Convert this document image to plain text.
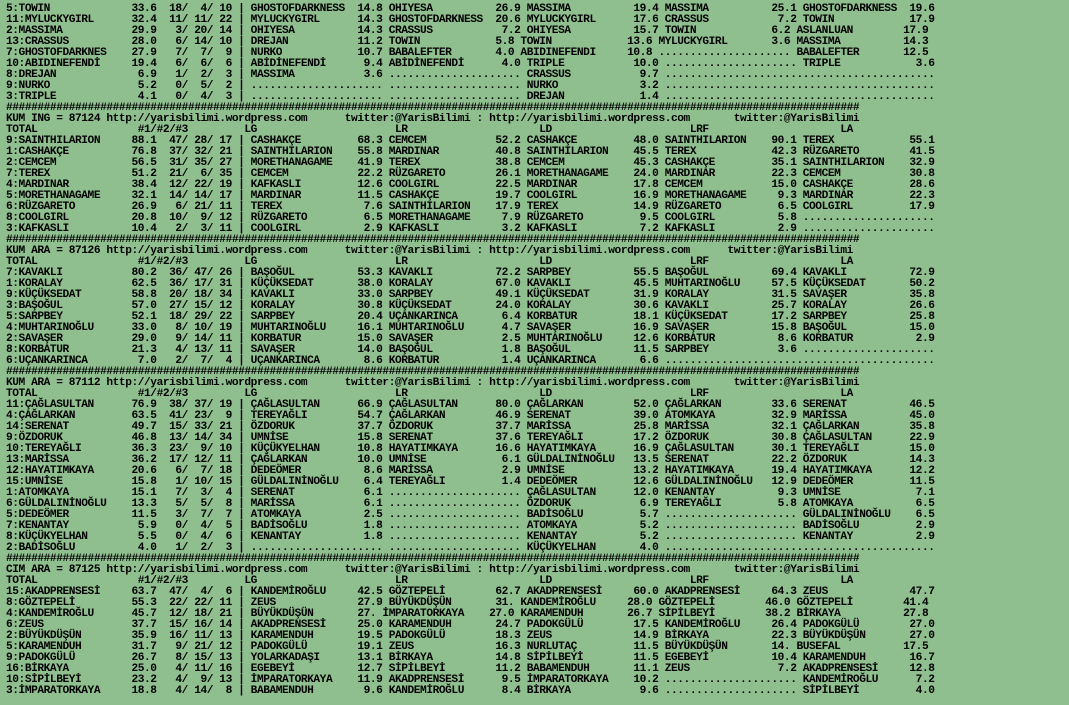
5:TOWIN             33.6  18/  4/ 10 | GHOSTOFDARKNESS  14.8 OHIYESA          26.9 MASSIMA          19.4 MASSIMA          25.1 GHOSTOFDARKNESS  19.6
11:MYLUCKYGIRL      32.4  11/ 11/ 22 | MYLUCKYGIRL      14.3 GHOSTOFDARKNESS  20.6 MYLUCKYGIRL      17.6 CRASSUS           7.2 TOWIN            17.9
2:MASSIMA           29.9   3/ 20/ 14 | OHIYESA          14.3 CRASSUS           7.2 OHIYESA          15.7 TOWIN            6.2 ASLANLUAN        17.9
13:CRASSUS          28.0   6/ 14/ 10 | DREJAN           11.2 TOWIN            5.8 TOWIN            13.6 MYLUCKYGIRL       3.6 MASSIMA          14.3
7:GHOSTOFDARKNES    27.9   7/  7/  9 | NURKO            10.7 BABALEFTER       4.0 ABIDINEFENDI     10.8 ..................... BABALEFTER       12.5
10:ABIDINEFENDİ     19.4   6/  6/  6 | ABİDİNEFENDİ      9.4 ABİDİNEFENDİ      4.0 TRIPLE           10.0 ..................... TRIPLE            3.6
8:DREJAN             6.9   1/  2/  3 | MASSIMA           3.6 ..................... CRASSUS           9.7 ...........................................
9:NURKO              5.2   0/  5/  2 | ..................... ..................... NURKO             3.2 ...........................................
3:TRIPLE             4.1   0/  4/  3 | ..................... ..................... DREJAN            1.4 ...........................................
########################################################################################################################################
KUM ING = 87124 http://yarisbilimi.wordpress.com      twitter:@YarisBilimi : http://yarisbilimi.wordpress.com       twitter:@YarisBilimi
TOTAL                #1/#2/#3         LG                      LR                     LD                      LRF                     LA
9:SAINTHILARION     88.1  47/ 28/ 17 | CASHAKÇE         68.3 CEMCEM           52.2 CASHAKÇE         48.0 SAINTHILARION    90.1 TEREX            55.1
1:CASHAKÇE          76.8  37/ 32/ 21 | SAINTHILARION    55.8 MARDINAR         40.8 SAINTHILARION    45.5 TEREX            42.3 RÜZGARETO        41.5
2:CEMCEM            56.5  31/ 35/ 27 | MORETHANAGAME    41.9 TEREX            38.8 CEMCEM           45.3 CASHAKÇE         35.1 SAINTHILARION    32.9
7:TEREX             51.2  21/  6/ 35 | CEMCEM           22.2 RÜZGARETO        26.1 MORETHANAGAME    24.0 MARDINAR         22.3 CEMCEM           30.8
4:MARDINAR          38.4  12/ 22/ 19 | KAFKASLI         12.6 COOLGIRL         22.5 MARDINAR         17.8 CEMCEM           15.0 CASHAKÇE         28.6
5:MORETHANAGAME     32.1  14/ 14/ 17 | MARDINAR         11.5 CASHAKÇE         19.7 COOLGIRL         16.9 MORETHANAGAME     9.3 MARDINAR         22.3
6:RÜZGARETO         26.9   6/ 21/ 11 | TEREX             7.6 SAINTHILARION    17.9 TEREX            14.9 RÜZGARETO         6.5 COOLGIRL         17.9
8:COOLGIRL          20.8  10/  9/ 12 | RÜZGARETO         6.5 MORETHANAGAME     7.9 RÜZGARETO         9.5 COOLGIRL          5.8 .....................
3:KAFKASLI          10.4   2/  3/ 11 | COOLGIRL          2.9 KAFKASLI          3.2 KAFKASLI          7.2 KAFKASLI          2.9 .....................
########################################################################################################################################
KUM ARA = 87126 http://yarisbilimi.wordpress.com      twitter:@YarisBilimi : http://yarisbilimi.wordpress.com      twitter:@YarisBilimi
TOTAL                #1/#2/#3         LG                      LR                     LD                      LRF                     LA
7:KAVAKLI           80.2  36/ 47/ 26 | BAŞOĞUL          53.3 KAVAKLI          72.2 SARPBEY          55.5 BAŞOĞUL          69.4 KAVAKLI          72.9
1:KORALAY           62.5  36/ 17/ 31 | KÜÇÜKSEDAT       38.0 KORALAY          67.0 KAVAKLI          45.5 MUHTARINOĞLU     57.5 KÜÇÜKSEDAT       50.2
9:KÜÇÜKSEDAT        58.8  20/ 18/ 34 | KAVAKLI          33.0 SARPBEY          49.1 KÜÇÜKSEDAT       31.9 KORALAY          31.5 SAVAŞER          35.8
3:BAŞOĞUL           57.0  27/ 15/ 12 | KORALAY          30.8 KÜÇÜKSEDAT       24.0 KORALAY          30.6 KAVAKLI          25.7 KORALAY          26.6
5:SARPBEY           52.1  18/ 29/ 22 | SARPBEY          20.4 UÇANKARINCA       6.4 KORBATUR         18.1 KÜÇÜKSEDAT       17.2 SARPBEY          25.8
4:MUHTARINOĞLU      33.0   8/ 10/ 19 | MUHTARINOĞLU     16.1 MUHTARINOĞLU      4.7 SAVAŞER          16.9 SAVAŞER          15.8 BAŞOĞUL          15.0
2:SAVAŞER           29.0   9/ 14/ 11 | KORBATUR         15.0 SAVAŞER           2.5 MUHTARINOĞLU     12.6 KORBATUR          8.6 KORBATUR          2.9
8:KORBATUR          21.3   4/ 13/ 11 | SAVAŞER          14.0 BAŞOĞUL           1.8 BAŞOĞUL          11.5 SARPBEY           3.6 .....................
6:UÇANKARINCA        7.0   2/  7/  4 | UÇANKARINCA       8.6 KORBATUR          1.4 UÇANKARINCA       6.6 ...........................................
########################################################################################################################################
KUM ARA = 87112 http://yarisbilimi.wordpress.com      twitter:@YarisBilimi : http://yarisbilimi.wordpress.com       twitter:@YarisBilimi
TOTAL                #1/#2/#3         LG                      LR                     LD                      LRF                     LA
11:ÇAĞLASULTAN      76.9  38/ 37/ 19 | ÇAĞLASULTAN      66.9 ÇAĞLASULTAN      80.0 ÇAĞLARKAN        52.0 ÇAĞLARKAN        33.6 SERENAT          46.5
4:ÇAĞLARKAN         63.5  41/ 23/  9 | TEREYAĞLI        54.7 ÇAĞLARKAN        46.9 SERENAT          39.0 ATOMKAYA         32.9 MARİSSA          45.0
14:SERENAT          49.7  15/ 33/ 21 | ÖZDORUK          37.7 ÖZDORUK          37.7 MARİSSA          25.8 MARİSSA          32.1 ÇAĞLARKAN        35.8
9:ÖZDORUK           46.8  13/ 14/ 34 | UMNİSE           15.8 SERENAT          37.6 TEREYAĞLI        17.2 ÖZDORUK          30.8 ÇAĞLASULTAN      22.9
10:TEREYAĞLI        36.3  23/  9/ 10 | KÜÇÜKYELHAN      10.8 HAYATIMKAYA      16.6 HAYATIMKAYA      16.9 ÇAĞLASULTAN      30.1 TEREYAĞLI        15.0
13:MARİSSA          36.2  17/ 12/ 11 | ÇAĞLARKAN        10.0 UMNİSE            6.1 GÜLDALINİNOĞLU   13.5 SERENAT          22.2 ÖZDORUK          14.3
12:HAYATIMKAYA      20.6   6/  7/ 18 | DEDEÖMER          8.6 MARİSSA           2.9 UMNİSE           13.2 HAYATIMKAYA      19.4 HAYATIMKAYA      12.2
15:UMNİSE           15.8   1/ 10/ 15 | GÜLDALINİNOĞLU    6.4 TEREYAĞLI         1.4 DEDEÖMER         12.6 GÜLDALINİNOĞLU   12.9 DEDEÖMER         11.5
1:ATOMKAYA          15.1   7/  3/  4 | SERENAT           6.1 ..................... ÇAĞLASULTAN      12.0 KENANTAY          9.3 UMNİSE            7.1
6:GÜLDALINİNOĞLU    13.3   5/  5/  8 | MARİSSA           6.1 ..................... ÖZDORUK           6.9 TEREYAĞLI         5.8 ATOMKAYA          6.5
5:DEDEÖMER          11.5   3/  7/  7 | ATOMKAYA          2.5 ..................... BADİSOĞLU         5.7 ..................... GÜLDALINİNOĞLU    6.5
7:KENANTAY           5.9   0/  4/  5 | BADİSOĞLU         1.8 ..................... ATOMKAYA          5.2 ..................... BADİSOĞLU         2.9
8:KÜÇÜKYELHAN        5.5   0/  4/  6 | KENANTAY          1.8 ..................... KENANTAY          5.2 ..................... KENANTAY          2.9
2:BADİSOĞLU          4.0   1/  2/  3 | ..................... ..................... KÜÇÜKYELHAN       4.0 ...........................................
########################################################################################################################################
CIM ARA = 87125 http://yarisbilimi.wordpress.com      twitter:@YarisBilimi : http://yarisbilimi.wordpress.com       twitter:@YarisBilimi
TOTAL                #1/#2/#3         LG                      LR                     LD                      LRF                     LA
15:AKADPRENSESİ     63.7  47/  4/  6 | KANDEMİROĞLU     42.5 GÖZTEPELİ        62.7 AKADPRENSESİ     60.0 AKADPRENSESİ     64.3 ZEUS             47.7
8:GÖZTEPELİ         55.3  22/ 22/ 11 | ZEUS             27.9 BÜYÜKDÜŞÜN       31. KANDEMİROĞLU     28.0 GÖZTEPELİ        46.0 GÖZTEPELİ        41.4
4:KANDEMİROĞLU      45.7  12/ 18/ 21 | BÜYÜKDÜŞÜN       27. İMPARATORKAYA    27.0 KARAMENDUH       26.7 SİPİLBEYİ        38.2 BİRKAYA          27.8
6:ZEUS              37.7  15/ 16/ 14 | AKADPRENSESİ     25.0 KARAMENDUH       24.7 PADOKGÜLÜ        17.5 KANDEMİROĞLU     26.4 PADOKGÜLÜ        27.0
2:BÜYÜKDÜŞÜN        35.9  16/ 11/ 13 | KARAMENDUH       19.5 PADOKGÜLÜ        18.3 ZEUS             14.9 BİRKAYA          22.3 BÜYÜKDÜŞÜN       27.0
5:KARAMENDUH        31.7   9/ 21/ 12 | PADOKGÜLÜ        19.1 ZEUS             16.3 NURLUTAÇ         11.5 BÜYÜKDÜŞÜN       14. BUSEFAL          17.5
9:PADOKGÜLÜ         26.7   8/ 15/ 13 | YOLARKADAŞI      13.1 BİRKAYA          14.8 SİPİLBEYİ        11.5 EGEBEYİ          10.4 KARAMENDUH       16.7
16:BİRKAYA          25.0   4/ 11/ 16 | EGEBEYİ          12.7 SİPİLBEYİ        11.2 BABAMENDUH       11.1 ZEUS              7.2 AKADPRENSESİ     12.8
10:SİPİLBEYİ        23.2   4/  9/ 13 | İMPARATORKAYA    11.9 AKADPRENSESİ      9.5 İMPARATORKAYA    10.2 ..................... KANDEMİROĞLU      7.2
3:İMPARATORKAYA     18.8   4/ 14/  8 | BABAMENDUH        9.6 KANDEMİROĞLU      8.4 BİRKAYA           9.6 ..................... SİPİLBEYİ         4.0
